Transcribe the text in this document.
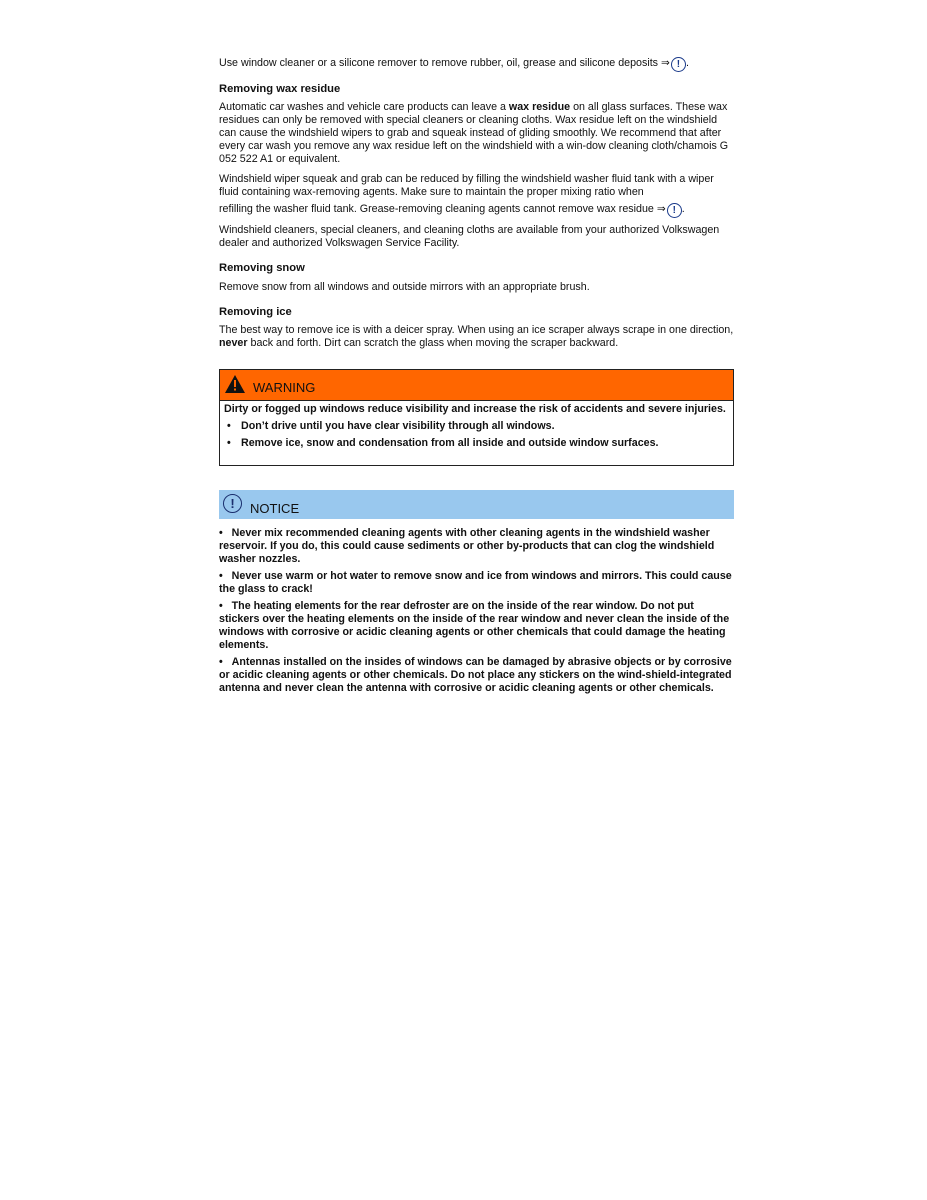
Use window cleaner or a silicone remover to remove rubber, oil, grease and silicone deposits ⇒ ! .

Removing wax residue

Automatic car washes and vehicle care products can leave a wax residue on all glass surfaces. These wax residues can only be removed with special cleaners or cleaning cloths. Wax residue left on the windshield can cause the windshield wipers to grab and squeak instead of gliding smoothly. We recommend that after every car wash you remove any wax residue left on the windshield with a win-dow cleaning cloth/chamois G 052 522 A1 or equivalent.

Windshield wiper squeak and grab can be reduced by filling the windshield washer fluid tank with a wiper fluid containing wax-removing agents. Make sure to maintain the proper mixing ratio when

refilling the washer fluid tank. Grease-removing cleaning agents cannot remove wax residue ⇒ ! .

Windshield cleaners, special cleaners, and cleaning cloths are available from your authorized Volkswagen dealer and authorized Volkswagen Service Facility.

Removing snow

Remove snow from all windows and outside mirrors with an appropriate brush.

Removing ice

The best way to remove ice is with a deicer spray. When using an ice scraper always scrape in one direction, never back and forth. Dirt can scratch the glass when moving the scraper backward.

WARNING

Dirty or fogged up windows reduce visibility and increase the risk of accidents and severe injuries.

• Don’t drive until you have clear visibility through all windows.

• Remove ice, snow and condensation from all inside and outside window surfaces.

!	NOTICE

•   Never mix recommended cleaning agents with other cleaning agents in the windshield washer reservoir. If you do, this could cause sediments or other by-products that can clog the windshield washer nozzles.

•   Never use warm or hot water to remove snow and ice from windows and mirrors. This could cause the glass to crack!

•   The heating elements for the rear defroster are on the inside of the rear window. Do not put stickers over the heating elements on the inside of the rear window and never clean the inside of the windows with corrosive or acidic cleaning agents or other chemicals that could damage the heating elements.

•   Antennas installed on the insides of windows can be damaged by abrasive objects or by corrosive or acidic cleaning agents or other chemicals. Do not place any stickers on the wind-shield-integrated antenna and never clean the antenna with corrosive or acidic cleaning agents or other chemicals.
